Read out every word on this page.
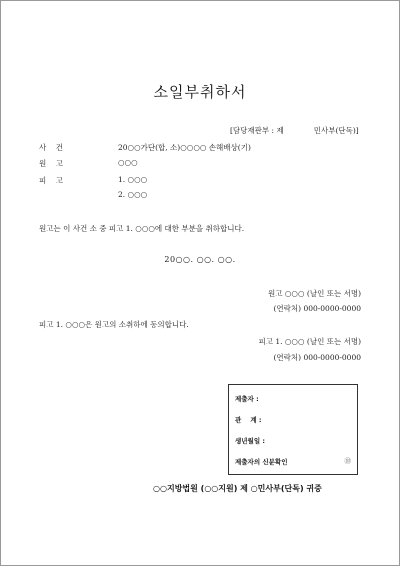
소일부취하서
[담당재판부 : 제	민사부(단독)]
사    건	20○○가단(합, 소)○○○○ 손해배상(기)
원    고	○○○
피    고	1. ○○○
2. ○○○
원고는 이 사건 소 중 피고 1. ○○○에 대한 부분을 취하합니다.
20○○. ○○. ○○.
원고 ○○○ (날인 또는 서명)
(연락처) 000-0000-0000
피고 1. ○○○은 원고의 소취하에 동의합니다.
피고 1. ○○○ (날인 또는 서명)
(연락처) 000-0000-0000
제출자 :
관    계 :
생년월일 :
제출자의 신분확인	㊞
○○지방법원 (○○지원) 제 ○민사부(단독) 귀중
